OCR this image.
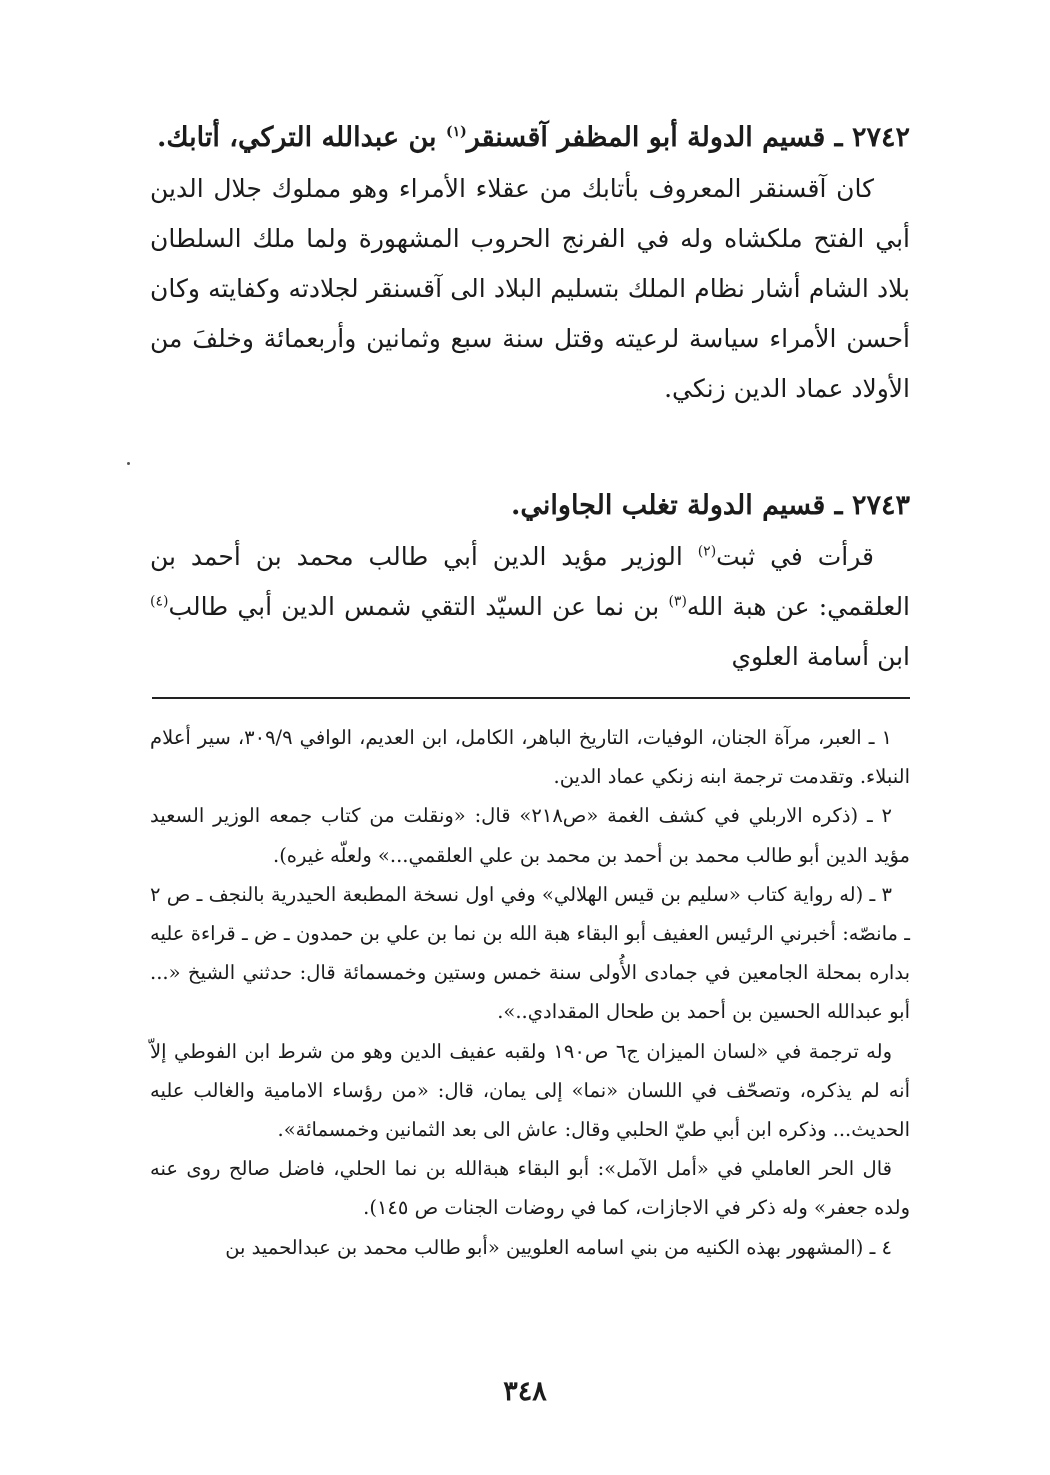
٢٧٤٢ ـ قسيم الدولة أبو المظفر آقسنقر$^{(١)}$ بن عبدالله التركي، أتابك.
كان آقسنقر المعروف بأتابك من عقلاء الأمراء وهو مملوك جلال الدين أبي الفتح ملكشاه وله في الفرنج الحروب المشهورة ولما ملك السلطان بلاد الشام أشار نظام الملك بتسليم البلاد الى آقسنقر لجلادته وكفايته وكان أحسن الأمراء سياسة لرعيته وقتل سنة سبع وثمانين وأربعمائة وخلفَ من الأولاد عماد الدين زنكي.
٢٧٤٣ ـ قسيم الدولة تغلب الجاواني.
قرأت في ثبت$^{(٢)}$ الوزير مؤيد الدين أبي طالب محمد بن أحمد بن العلقمي: عن هبة الله$^{(٣)}$ بن نما عن السيّد التقي شمس الدين أبي طالب$^{(٤)}$ ابن أسامة العلوي

١ ـ العبر، مرآة الجنان، الوفيات، التاريخ الباهر، الكامل، ابن العديم، الوافي ٣٠٩/٩، سير أعلام النبلاء. وتقدمت ترجمة ابنه زنكي عماد الدين.

٢ ـ (ذكره الاربلي في كشف الغمة «ص٢١٨» قال: «ونقلت من كتاب جمعه الوزير السعيد مؤيد الدين أبو طالب محمد بن أحمد بن محمد بن علي العلقمي...» ولعلّه غيره).

٣ ـ (له رواية كتاب «سليم بن قيس الهلالي» وفي اول نسخة المطبعة الحيدرية بالنجف ـ ص ٢ ـ مانصّه: أخبرني الرئيس العفيف أبو البقاء هبة الله بن نما بن علي بن حمدون ـ ض ـ قراءة عليه بداره بمحلة الجامعين في جمادى الأُولى سنة خمس وستين وخمسمائة قال: حدثني الشيخ «... أبو عبدالله الحسين بن أحمد بن طحال المقدادي..».

وله ترجمة في «لسان الميزان ج٦ ص١٩٠ ولقبه عفيف الدين وهو من شرط ابن الفوطي إلاّ أنه لم يذكره، وتصحّف في اللسان «نما» إلى يمان، قال: «من رؤساء الامامية والغالب عليه الحديث... وذكره ابن أبي طيّ الحلبي وقال: عاش الى بعد الثمانين وخمسمائة».

قال الحر العاملي في «أمل الآمل»: أبو البقاء هبةالله بن نما الحلي، فاضل صالح روى عنه ولده جعفر» وله ذكر في الاجازات، كما في روضات الجنات ص ١٤٥).

٤ ـ (المشهور بهذه الكنيه من بني اسامه العلويين «أبو طالب محمد بن عبدالحميد بن

٣٤٨
